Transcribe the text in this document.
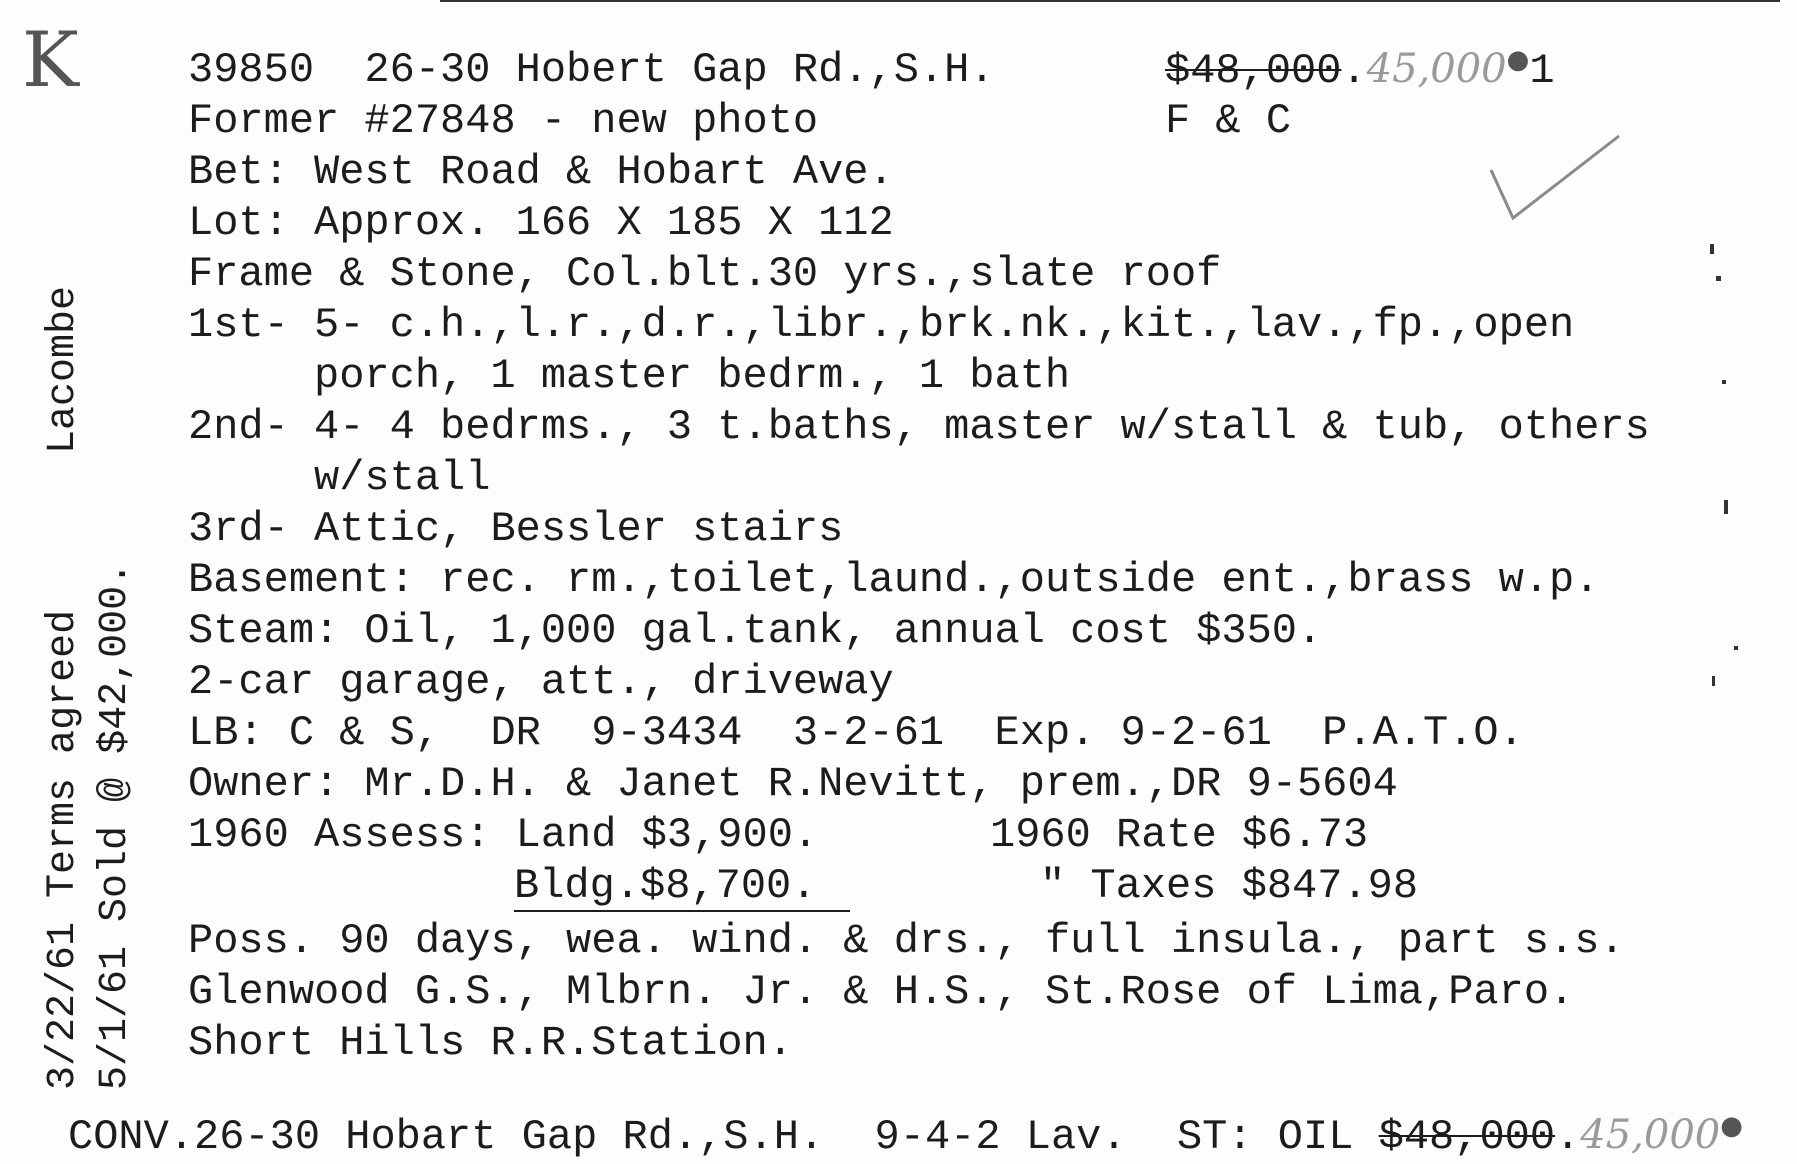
K
Lacombe
3/22/61 Terms agreed
5/1/61 Sold @ $42,000.
39850  26-30 Hobert Gap Rd.,S.H.	$48,000.45,000●1
Former #27848 - new photo	F & C
Bet: West Road & Hobart Ave.
Lot: Approx. 166 X 185 X 112
Frame & Stone, Col.blt.30 yrs.,slate roof
1st- 5- c.h.,l.r.,d.r.,libr.,brk.nk.,kit.,lav.,fp.,open
porch, 1 master bedrm., 1 bath
2nd- 4- 4 bedrms., 3 t.baths, master w/stall & tub, others
w/stall
3rd- Attic, Bessler stairs
Basement: rec. rm.,toilet,laund.,outside ent.,brass w.p.
Steam: Oil, 1,000 gal.tank, annual cost $350.
2-car garage, att., driveway
LB: C & S,  DR  9-3434  3-2-61  Exp. 9-2-61  P.A.T.O.
Owner: Mr.D.H. & Janet R.Nevitt, prem.,DR 9-5604
1960 Assess: Land $3,900.	1960 Rate $6.73
Bldg.$8,700.	" Taxes $847.98
Poss. 90 days, wea. wind. & drs., full insula., part s.s.
Glenwood G.S., Mlbrn. Jr. & H.S., St.Rose of Lima,Paro.
Short Hills R.R.Station.
CONV.26-30 Hobart Gap Rd.,S.H.  9-4-2 Lav.  ST: OIL $48,000.45,000●
